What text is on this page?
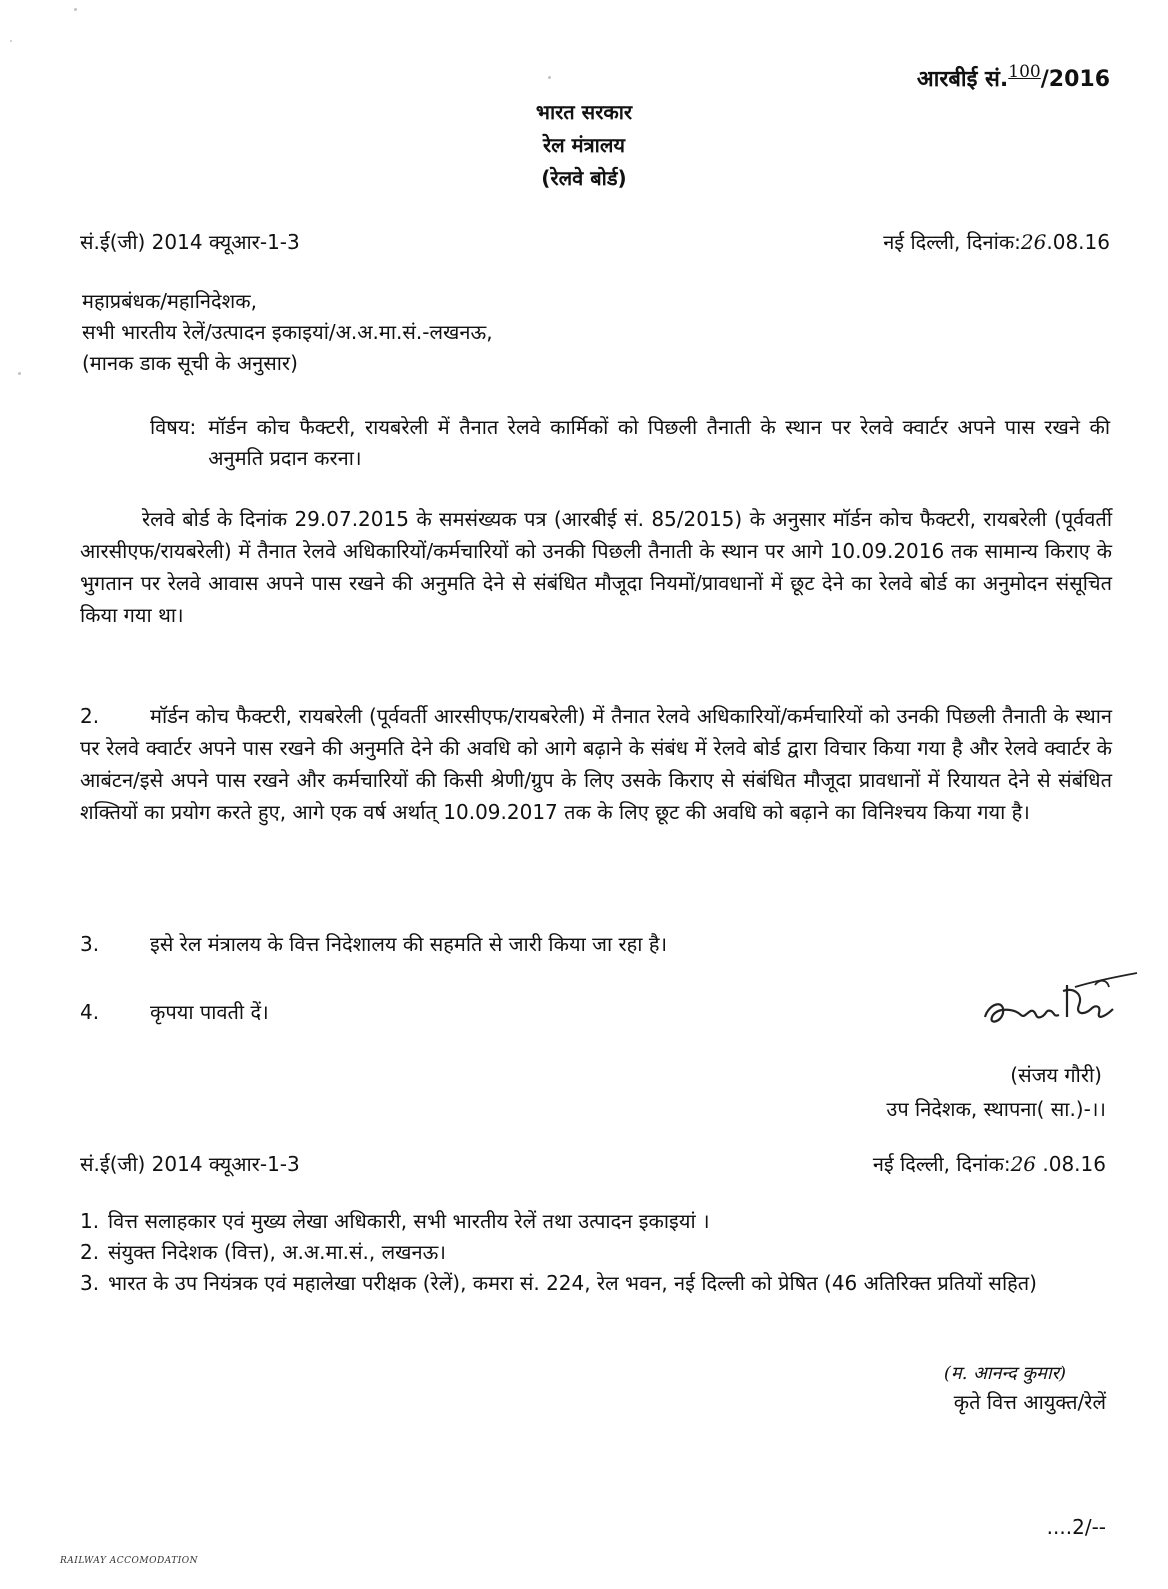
आरबीई सं.$^{100}$/2016
भारत सरकार
रेल मंत्रालय
(रेलवे बोर्ड)
सं.ई(जी) 2014 क्यूआर-1-3	नई दिल्ली, दिनांक:26.08.16
महाप्रबंधक/महानिदेशक,
सभी भारतीय रेलें/उत्पादन इकाइयां/अ.अ.मा.सं.-लखनऊ,
(मानक डाक सूची के अनुसार)
विषय: मॉर्डन कोच फैक्टरी, रायबरेली में तैनात रेलवे कार्मिकों को पिछली तैनाती के स्थान पर रेलवे क्वार्टर अपने पास रखने की अनुमति प्रदान करना।
रेलवे बोर्ड के दिनांक 29.07.2015 के समसंख्यक पत्र (आरबीई सं. 85/2015) के अनुसार मॉर्डन कोच फैक्टरी, रायबरेली (पूर्ववर्ती आरसीएफ/रायबरेली) में तैनात रेलवे अधिकारियों/कर्मचारियों को उनकी पिछली तैनाती के स्थान पर आगे 10.09.2016 तक सामान्य किराए के भुगतान पर रेलवे आवास अपने पास रखने की अनुमति देने से संबंधित मौजूदा नियमों/प्रावधानों में छूट देने का रेलवे बोर्ड का अनुमोदन संसूचित किया गया था।
2.	मॉर्डन कोच फैक्टरी, रायबरेली (पूर्ववर्ती आरसीएफ/रायबरेली) में तैनात रेलवे अधिकारियों/कर्मचारियों को उनकी पिछली तैनाती के स्थान पर रेलवे क्वार्टर अपने पास रखने की अनुमति देने की अवधि को आगे बढ़ाने के संबंध में रेलवे बोर्ड द्वारा विचार किया गया है और रेलवे क्वार्टर के आबंटन/इसे अपने पास रखने और कर्मचारियों की किसी श्रेणी/ग्रुप के लिए उसके किराए से संबंधित मौजूदा प्रावधानों में रियायत देने से संबंधित शक्तियों का प्रयोग करते हुए, आगे एक वर्ष अर्थात् 10.09.2017 तक के लिए छूट की अवधि को बढ़ाने का विनिश्चय किया गया है।
3.	इसे रेल मंत्रालय के वित्त निदेशालय की सहमति से जारी किया जा रहा है।
4.	कृपया पावती दें।
(संजय गौरी)
उप निदेशक, स्थापना( सा.)-।।
सं.ई(जी) 2014 क्यूआर-1-3	नई दिल्ली, दिनांक:26 .08.16
1. वित्त सलाहकार एवं मुख्य लेखा अधिकारी, सभी भारतीय रेलें तथा उत्पादन इकाइयां ।
2. संयुक्त निदेशक (वित्त), अ.अ.मा.सं., लखनऊ।
3. भारत के उप नियंत्रक एवं महालेखा परीक्षक (रेलें), कमरा सं. 224, रेल भवन, नई दिल्ली को प्रेषित (46 अतिरिक्त प्रतियों सहित)
(म. आनन्द कुमार)
कृते वित्त आयुक्त/रेलें
....2/--
RAILWAY ACCOMODATION
